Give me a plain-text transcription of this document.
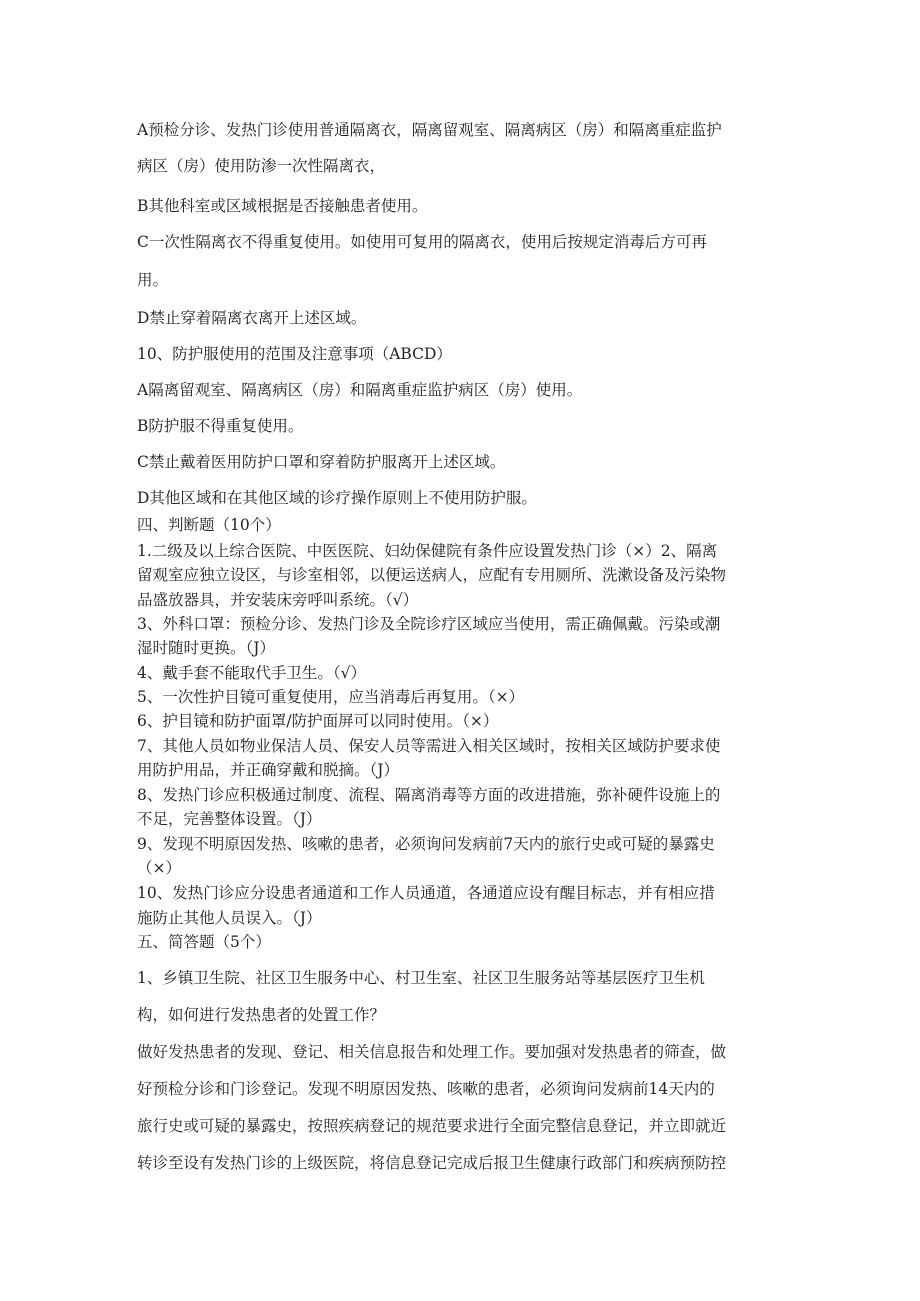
A预检分诊、发热门诊使用普通隔离衣，隔离留观室、隔离病区（房）和隔离重症监护
病区（房）使用防渗一次性隔离衣，
B其他科室或区域根据是否接触患者使用。
C一次性隔离衣不得重复使用。如使用可复用的隔离衣，使用后按规定消毒后方可再
用。
D禁止穿着隔离衣离开上述区域。
10、防护服使用的范围及注意事项（ABCD）
A隔离留观室、隔离病区（房）和隔离重症监护病区（房）使用。
B防护服不得重复使用。
C禁止戴着医用防护口罩和穿着防护服离开上述区域。
D其他区域和在其他区域的诊疗操作原则上不使用防护服。
四、判断题（10个）
1.二级及以上综合医院、中医医院、妇幼保健院有条件应设置发热门诊（×）2、隔离
留观室应独立设区，与诊室相邻，以便运送病人，应配有专用厕所、洗漱设备及污染物
品盛放器具，并安装床旁呼叫系统。（√）
3、外科口罩：预检分诊、发热门诊及全院诊疗区域应当使用，需正确佩戴。污染或潮
湿时随时更换。（J）
4、戴手套不能取代手卫生。（√）
5、一次性护目镜可重复使用，应当消毒后再复用。（×）
6、护目镜和防护面罩/防护面屏可以同时使用。（×）
7、其他人员如物业保洁人员、保安人员等需进入相关区域时，按相关区域防护要求使
用防护用品，并正确穿戴和脱摘。（J）
8、发热门诊应积极通过制度、流程、隔离消毒等方面的改进措施，弥补硬件设施上的
不足，完善整体设置。（J）
9、发现不明原因发热、咳嗽的患者，必须询问发病前7天内的旅行史或可疑的暴露史
（×）
10、发热门诊应分设患者通道和工作人员通道，各通道应设有醒目标志，并有相应措
施防止其他人员误入。（J）
五、简答题（5个）
1、乡镇卫生院、社区卫生服务中心、村卫生室、社区卫生服务站等基层医疗卫生机
构，如何进行发热患者的处置工作？
做好发热患者的发现、登记、相关信息报告和处理工作。要加强对发热患者的筛查，做
好预检分诊和门诊登记。发现不明原因发热、咳嗽的患者，必须询问发病前14天内的
旅行史或可疑的暴露史，按照疾病登记的规范要求进行全面完整信息登记，并立即就近
转诊至设有发热门诊的上级医院，将信息登记完成后报卫生健康行政部门和疾病预防控
